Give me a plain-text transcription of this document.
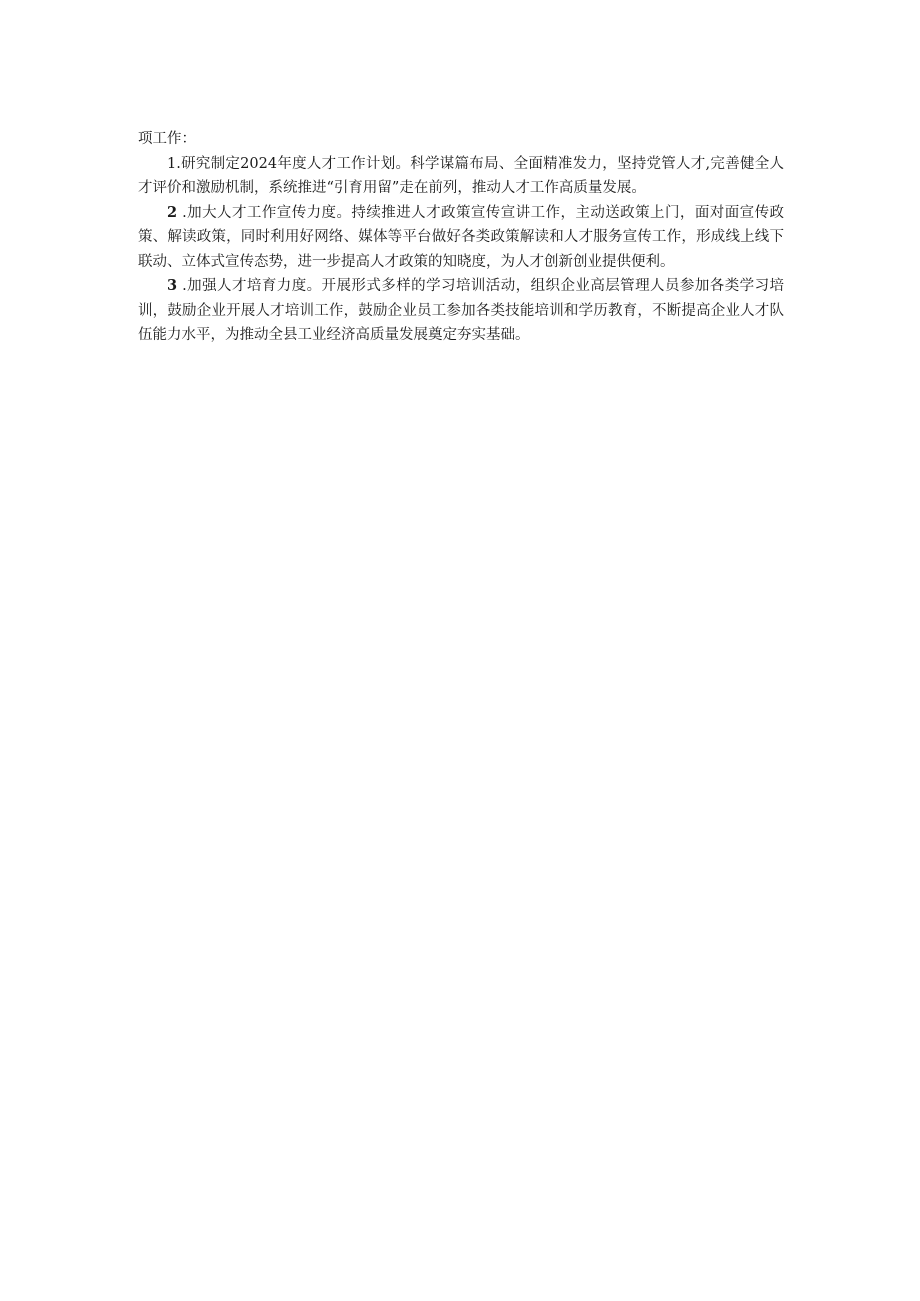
项工作：

1.研究制定2024年度人才工作计划。科学谋篇布局、全面精准发力，坚持党管人才,完善健全人才评价和激励机制，系统推进“引育用留”走在前列，推动人才工作高质量发展。

2 .加大人才工作宣传力度。持续推进人才政策宣传宣讲工作，主动送政策上门，面对面宣传政策、解读政策，同时利用好网络、媒体等平台做好各类政策解读和人才服务宣传工作，形成线上线下联动、立体式宣传态势，进一步提高人才政策的知晓度，为人才创新创业提供便利。

3 .加强人才培育力度。开展形式多样的学习培训活动，组织企业高层管理人员参加各类学习培训，鼓励企业开展人才培训工作，鼓励企业员工参加各类技能培训和学历教育，不断提高企业人才队伍能力水平，为推动全县工业经济高质量发展奠定夯实基础。
